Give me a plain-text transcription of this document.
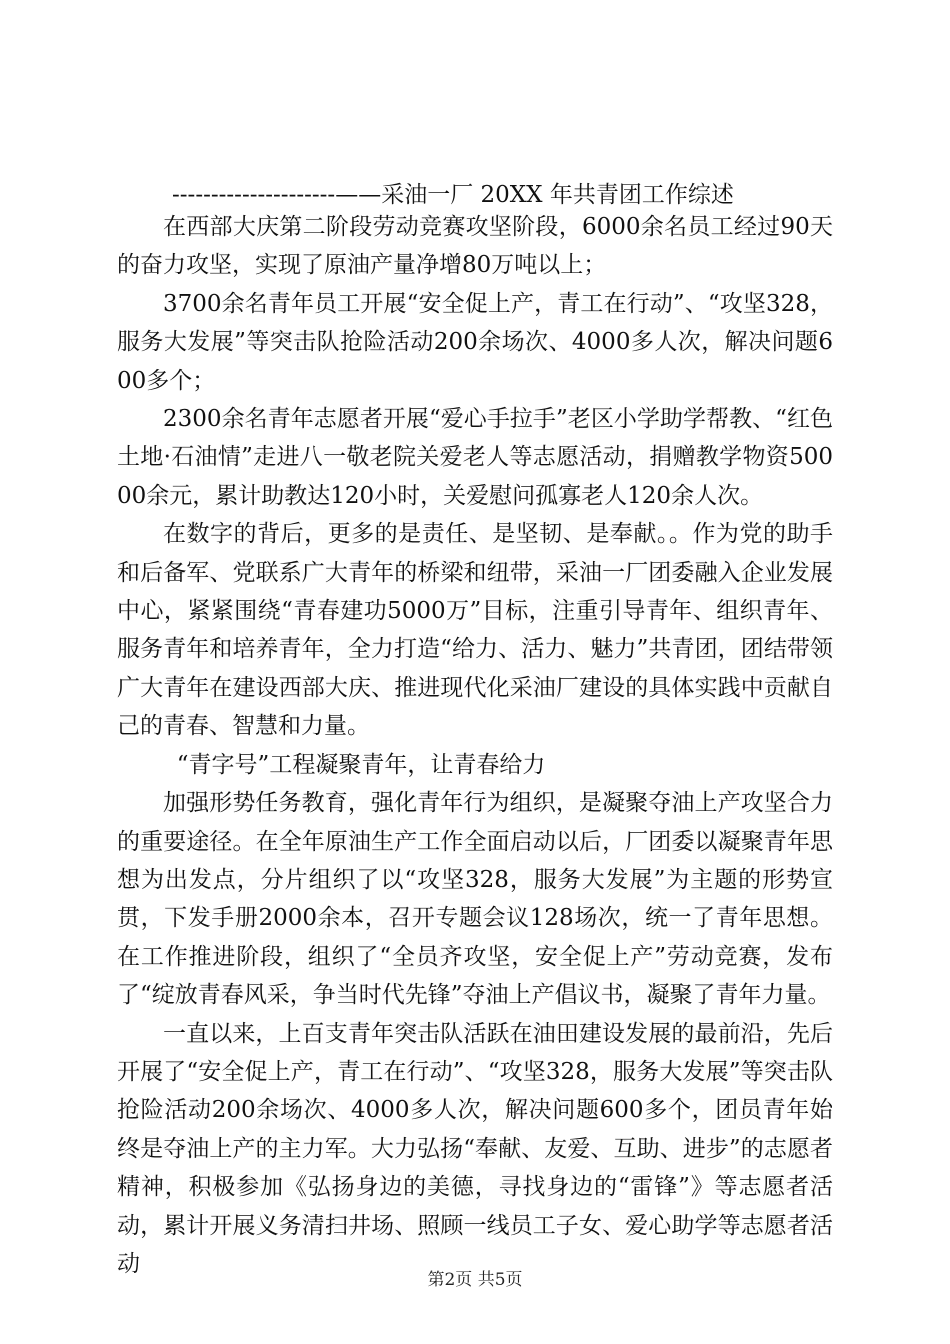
---------------------——采油一厂 20XX 年共青团工作综述

在西部大庆第二阶段劳动竞赛攻坚阶段，6000余名员工经过90天的奋力攻坚，实现了原油产量净增80万吨以上；

3700余名青年员工开展“安全促上产，青工在行动”、“攻坚328，服务大发展”等突击队抢险活动200余场次、4000多人次，解决问题600多个；

2300余名青年志愿者开展“爱心手拉手”老区小学助学帮教、“红色土地·石油情”走进八一敬老院关爱老人等志愿活动，捐赠教学物资50000余元，累计助教达120小时，关爱慰问孤寡老人120余人次。

在数字的背后，更多的是责任、是坚韧、是奉献。。作为党的助手和后备军、党联系广大青年的桥梁和纽带，采油一厂团委融入企业发展中心，紧紧围绕“青春建功5000万”目标，注重引导青年、组织青年、服务青年和培养青年，全力打造“给力、活力、魅力”共青团，团结带领广大青年在建设西部大庆、推进现代化采油厂建设的具体实践中贡献自己的青春、智慧和力量。

“青字号”工程凝聚青年，让青春给力

加强形势任务教育，强化青年行为组织，是凝聚夺油上产攻坚合力的重要途径。在全年原油生产工作全面启动以后，厂团委以凝聚青年思想为出发点，分片组织了以“攻坚328，服务大发展”为主题的形势宣贯，下发手册2000余本，召开专题会议128场次，统一了青年思想。在工作推进阶段，组织了“全员齐攻坚，安全促上产”劳动竞赛，发布了“绽放青春风采，争当时代先锋”夺油上产倡议书，凝聚了青年力量。

一直以来，上百支青年突击队活跃在油田建设发展的最前沿，先后开展了“安全促上产，青工在行动”、“攻坚328，服务大发展”等突击队抢险活动200余场次、4000多人次，解决问题600多个，团员青年始终是夺油上产的主力军。大力弘扬“奉献、友爱、互助、进步”的志愿者精神，积极参加《弘扬身边的美德，寻找身边的“雷锋”》等志愿者活动，累计开展义务清扫井场、照顾一线员工子女、爱心助学等志愿者活动

第2页 共5页
